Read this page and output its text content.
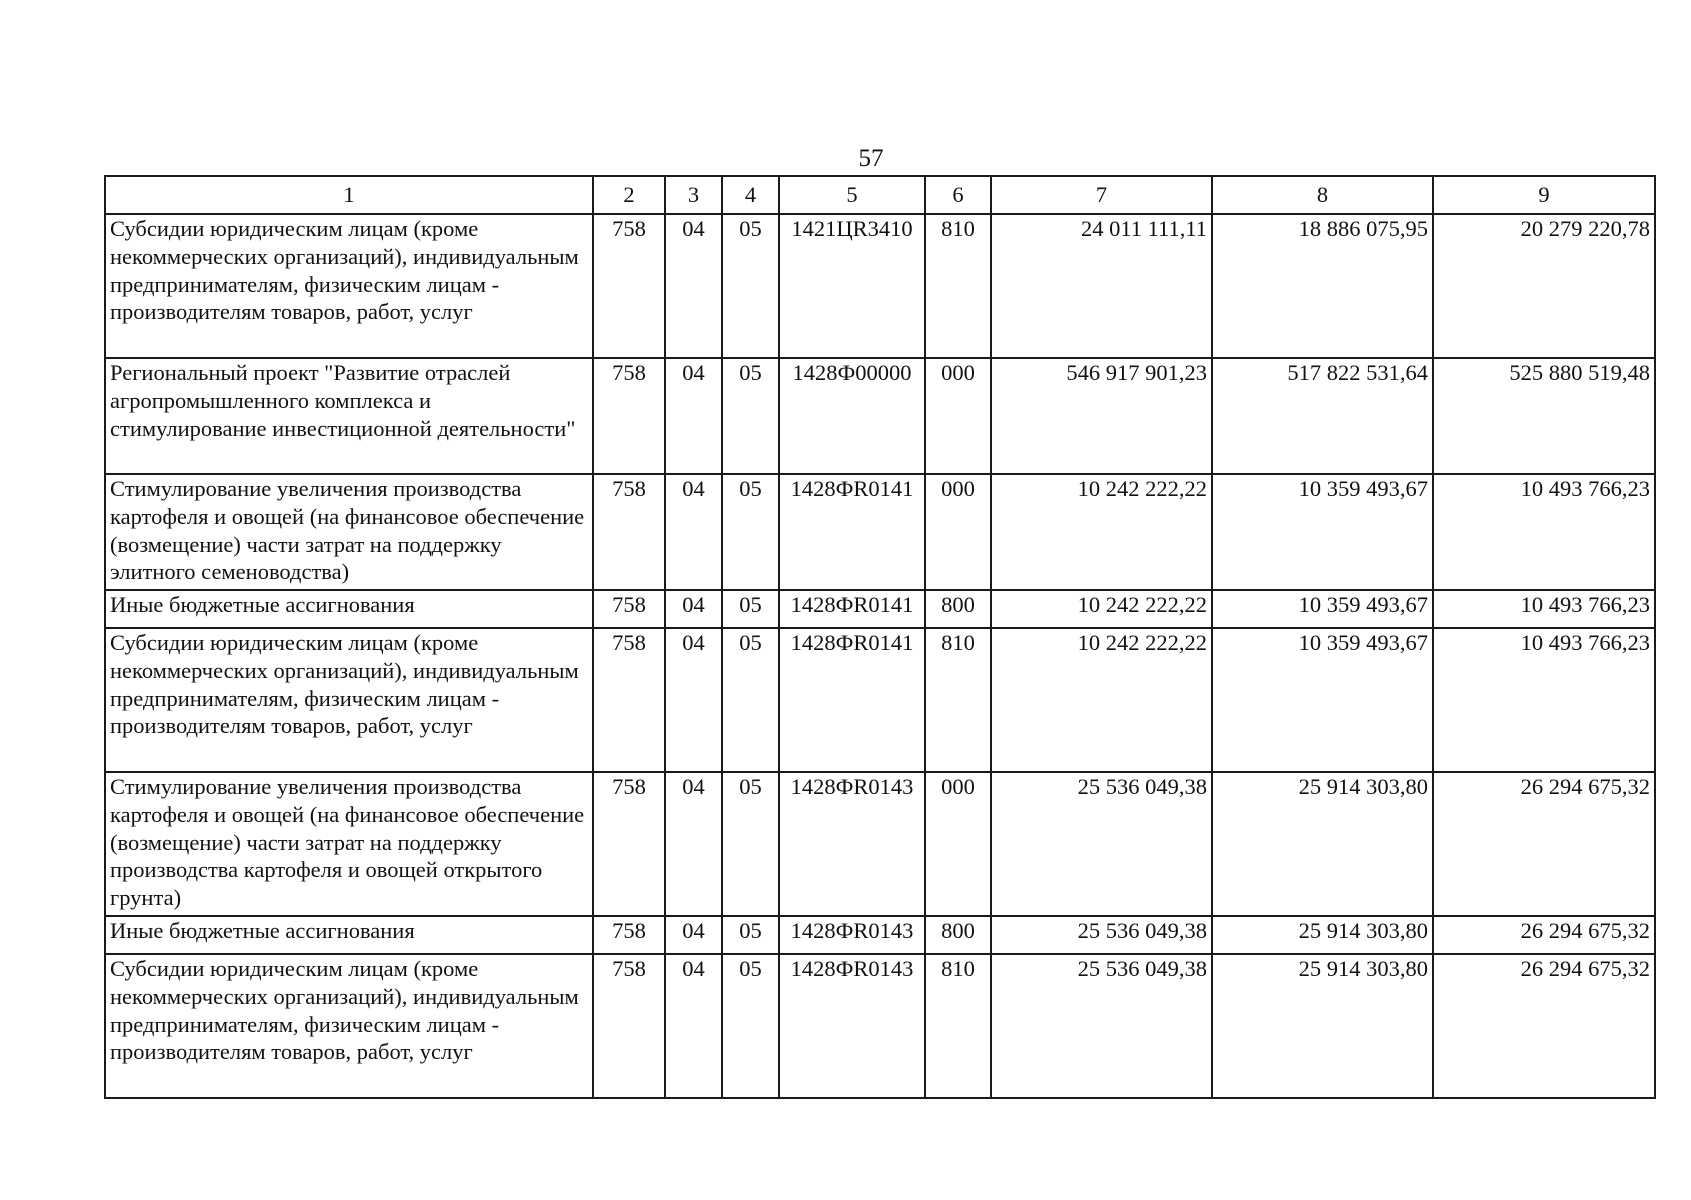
57
1	2	3	4	5	6	7	8	9
Субсидии юридическим лицам (кроме некоммерческих организаций), индивидуальным предпринимателям, физическим лицам - производителям товаров, работ, услуг	758	04	05	1421ЦR3410	810	24 011 111,11	18 886 075,95	20 279 220,78
Региональный проект "Развитие отраслей агропромышленного комплекса и стимулирование инвестиционной деятельности"	758	04	05	1428Ф00000	000	546 917 901,23	517 822 531,64	525 880 519,48
Стимулирование увеличения производства картофеля и овощей (на финансовое обеспечение (возмещение) части затрат на поддержку элитного семеноводства)	758	04	05	1428ФR0141	000	10 242 222,22	10 359 493,67	10 493 766,23
Иные бюджетные ассигнования	758	04	05	1428ФR0141	800	10 242 222,22	10 359 493,67	10 493 766,23
Субсидии юридическим лицам (кроме некоммерческих организаций), индивидуальным предпринимателям, физическим лицам - производителям товаров, работ, услуг	758	04	05	1428ФR0141	810	10 242 222,22	10 359 493,67	10 493 766,23
Стимулирование увеличения производства картофеля и овощей (на финансовое обеспечение (возмещение) части затрат на поддержку производства картофеля и овощей открытого грунта)	758	04	05	1428ФR0143	000	25 536 049,38	25 914 303,80	26 294 675,32
Иные бюджетные ассигнования	758	04	05	1428ФR0143	800	25 536 049,38	25 914 303,80	26 294 675,32
Субсидии юридическим лицам (кроме некоммерческих организаций), индивидуальным предпринимателям, физическим лицам - производителям товаров, работ, услуг	758	04	05	1428ФR0143	810	25 536 049,38	25 914 303,80	26 294 675,32
